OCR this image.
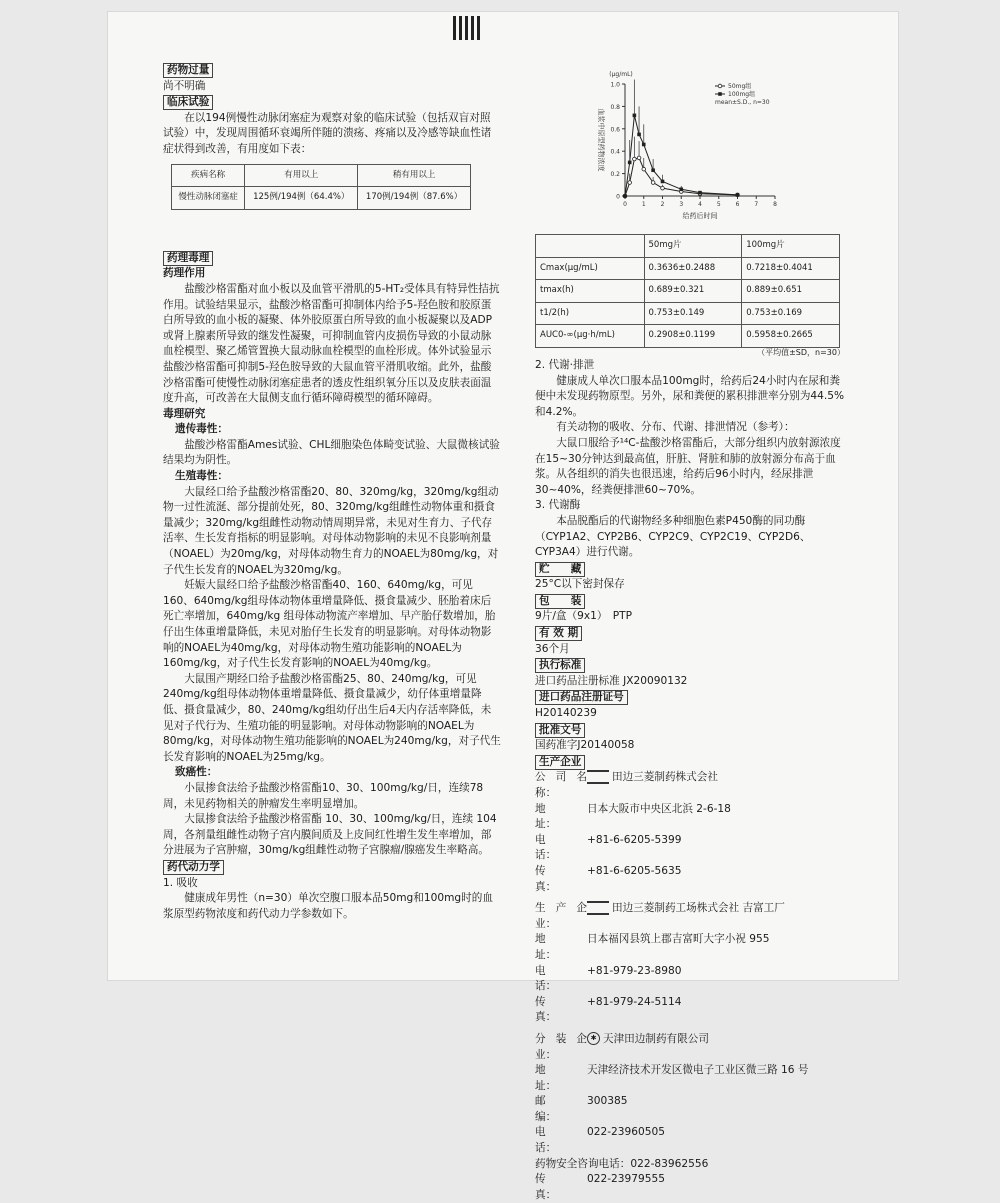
药物过量

尚不明确

临床试验

在以194例慢性动脉闭塞症为观察对象的临床试验（包括双盲对照试验）中，发现周围循环衰竭所伴随的溃疡、疼痛以及冷感等缺血性诸症状得到改善，有用度如下表：

疾病名称	有用以上	稍有用以上
慢性动脉闭塞症	125例/194例（64.4%）	170例/194例（87.6%）

药理毒理

药理作用

盐酸沙格雷酯对血小板以及血管平滑肌的5-HT₂受体具有特异性拮抗作用。试验结果显示，盐酸沙格雷酯可抑制体内给予5-羟色胺和胶原蛋白所导致的血小板的凝聚、体外胶原蛋白所导致的血小板凝聚以及ADP或肾上腺素所导致的继发性凝聚，可抑制血管内皮损伤导致的小鼠动脉血栓模型、聚乙烯管置换大鼠动脉血栓模型的血栓形成。体外试验显示盐酸沙格雷酯可抑制5-羟色胺导致的大鼠血管平滑肌收缩。此外，盐酸沙格雷酯可使慢性动脉闭塞症患者的透皮性组织氧分压以及皮肤表面温度升高，可改善在大鼠侧支血行循环障碍模型的循环障碍。

毒理研究

遗传毒性：

盐酸沙格雷酯Ames试验、CHL细胞染色体畸变试验、大鼠微核试验结果均为阴性。

生殖毒性：

大鼠经口给予盐酸沙格雷酯20、80、320mg/kg，320mg/kg组动物一过性流涎、部分提前处死，80、320mg/kg组雌性动物体重和摄食量减少；320mg/kg组雌性动物动情周期异常，未见对生育力、子代存活率、生长发育指标的明显影响。对母体动物影响的未见不良影响剂量（NOAEL）为20mg/kg，对母体动物生育力的NOAEL为80mg/kg，对子代生长发育的NOAEL为320mg/kg。

妊娠大鼠经口给予盐酸沙格雷酯40、160、640mg/kg，可见160、640mg/kg组母体动物体重增量降低、摄食量减少、胚胎着床后死亡率增加，640mg/kg 组母体动物流产率增加、早产胎仔数增加，胎仔出生体重增量降低，未见对胎仔生长发育的明显影响。对母体动物影响的NOAEL为40mg/kg，对母体动物生殖功能影响的NOAEL为160mg/kg，对子代生长发育影响的NOAEL为40mg/kg。

大鼠围产期经口给予盐酸沙格雷酯25、80、240mg/kg，可见240mg/kg组母体动物体重增量降低、摄食量减少，幼仔体重增量降低、摄食量减少，80、240mg/kg组幼仔出生后4天内存活率降低，未见对子代行为、生殖功能的明显影响。对母体动物影响的NOAEL为80mg/kg，对母体动物生殖功能影响的NOAEL为240mg/kg，对子代生长发育影响的NOAEL为25mg/kg。

致癌性：

小鼠掺食法给予盐酸沙格雷酯10、30、100mg/kg/日，连续78周，未见药物相关的肿瘤发生率明显增加。

大鼠掺食法给予盐酸沙格雷酯 10、30、100mg/kg/日，连续 104周，各剂量组雌性动物子宫内膜间质及上皮间红性增生发生率增加，部分进展为子宫肿瘤，30mg/kg组雌性动物子宫腺瘤/腺癌发生率略高。

药代动力学

1. 吸收

健康成年男性（n=30）单次空腹口服本品50mg和100mg时的血浆原型药物浓度和药代动力学参数如下。

1.0
0.8
0.6
0.4
0.2
0
0 1 2 3 4 5 6 7 8
给药后时间
(μg/mL)
血浆中原型药物浓度
50mg组
100mg组
mean±S.D., n=30
	50mg片	100mg片
Cmax(μg/mL)	0.3636±0.2488	0.7218±0.4041
tmax(h)	0.689±0.321	0.889±0.651
t1/2(h)	0.753±0.149	0.753±0.169
AUC0-∞(μg·h/mL)	0.2908±0.1199	0.5958±0.2665

（平均值±SD，n=30）

2. 代谢·排泄

健康成人单次口服本品100mg时，给药后24小时内在尿和粪便中未发现药物原型。另外，尿和粪便的累积排泄率分别为44.5%和4.2%。

有关动物的吸收、分布、代谢、排泄情况（参考）：

大鼠口服给予¹⁴C-盐酸沙格雷酯后，大部分组织内放射源浓度在15~30分钟达到最高值，肝脏、肾脏和肺的放射源分布高于血浆。从各组织的消失也很迅速，给药后96小时内，经尿排泄30~40%，经粪便排泄60~70%。

3. 代谢酶

本品脱酯后的代谢物经多种细胞色素P450酶的同功酶（CYP1A2、CYP2B6、CYP2C9、CYP2C19、CYP2D6、CYP3A4）进行代谢。

贮　　藏

25°C以下密封保存

包　　装

9片/盒（9x1）　PTP

有 效 期

36个月

执行标准

进口药品注册标准 JX20090132

进口药品注册证号

H20140239

批准文号

国药准字J20140058

生产企业

公司名称：
田边三菱制药株式会社
地　　址：
日本大阪市中央区北浜 2-6-18
电　　话：
+81-6-6205-5399
传　　真：
+81-6-6205-5635
生产企业：
田边三菱制药工场株式会社 吉富工厂
地　　址：
日本福冈县筑上郡吉富町大字小祝 955
电　　话：
+81-979-23-8980
传　　真：
+81-979-24-5114
分装企业：
✱ 天津田边制药有限公司
地　　址：
天津经济技术开发区微电子工业区微三路 16 号
邮　　编：
300385
电　　话：
022-23960505
药物安全咨询电话： 022-83962556
传　　真：
022-23979555
